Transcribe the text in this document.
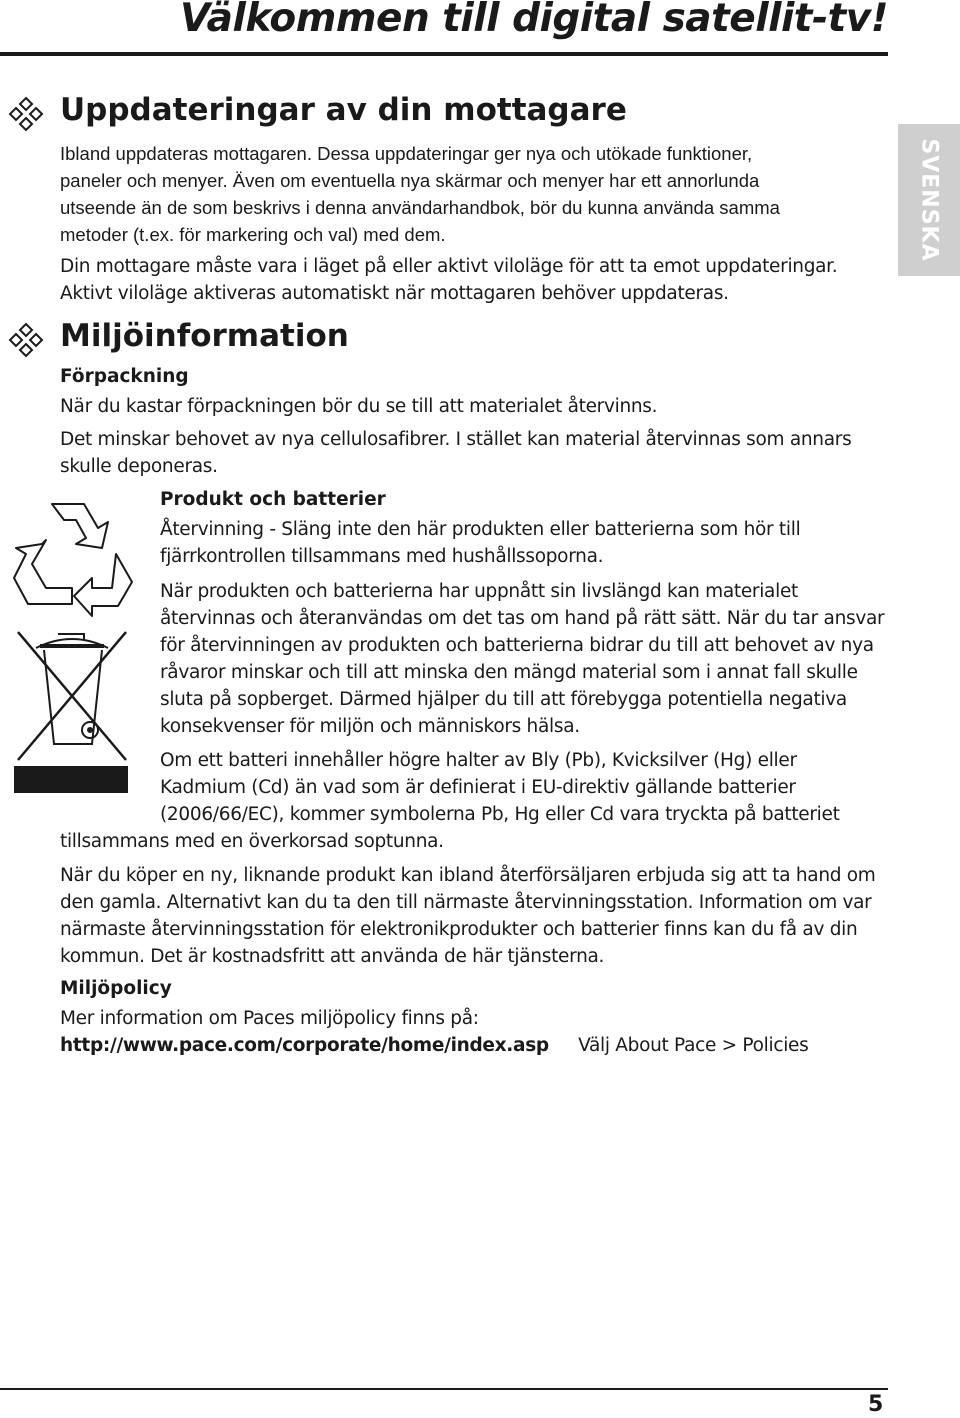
Välkommen till digital satellit-tv!
SVENSKA
Uppdateringar av din mottagare
Ibland uppdateras mottagaren. Dessa uppdateringar ger nya och utökade funktioner,
paneler och menyer. Även om eventuella nya skärmar och menyer har ett annorlunda
utseende än de som beskrivs i denna användarhandbok, bör du kunna använda samma
metoder (t.ex. för markering och val) med dem.
Din mottagare måste vara i läget på eller aktivt viloläge för att ta emot uppdateringar.
Aktivt viloläge aktiveras automatiskt när mottagaren behöver uppdateras.
Miljöinformation
Förpackning
När du kastar förpackningen bör du se till att materialet återvinns.
Det minskar behovet av nya cellulosafibrer. I stället kan material återvinnas som annars
skulle deponeras.
Produkt och batterier
Återvinning - Släng inte den här produkten eller batterierna som hör till
fjärrkontrollen tillsammans med hushållssoporna.
När produkten och batterierna har uppnått sin livslängd kan materialet
återvinnas och återanvändas om det tas om hand på rätt sätt. När du tar ansvar
för återvinningen av produkten och batterierna bidrar du till att behovet av nya
råvaror minskar och till att minska den mängd material som i annat fall skulle
sluta på sopberget. Därmed hjälper du till att förebygga potentiella negativa
konsekvenser för miljön och människors hälsa.
Om ett batteri innehåller högre halter av Bly (Pb), Kvicksilver (Hg) eller
Kadmium (Cd) än vad som är definierat i EU-direktiv gällande batterier
(2006/66/EC), kommer symbolerna Pb, Hg eller Cd vara tryckta på batteriet
tillsammans med en överkorsad soptunna.
När du köper en ny, liknande produkt kan ibland återförsäljaren erbjuda sig att ta hand om
den gamla. Alternativt kan du ta den till närmaste återvinningsstation. Information om var
närmaste återvinningsstation för elektronikprodukter och batterier finns kan du få av din
kommun. Det är kostnadsfritt att använda de här tjänsterna.
Miljöpolicy
Mer information om Paces miljöpolicy finns på:
http://www.pace.com/corporate/home/index.asp Välj About Pace > Policies
5
